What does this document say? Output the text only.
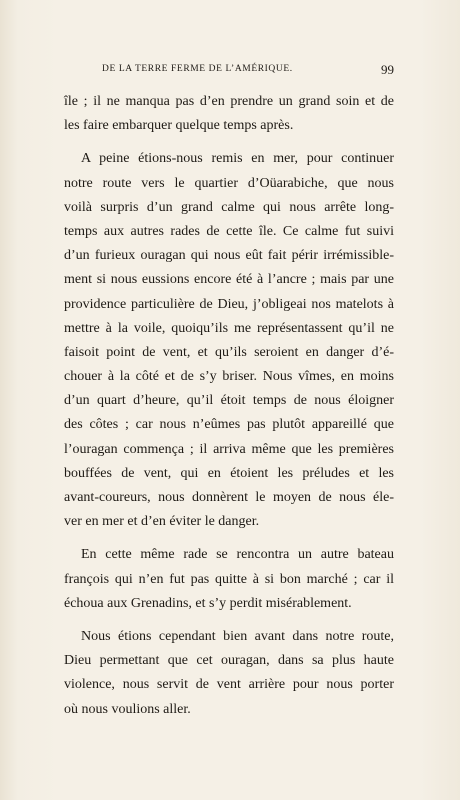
DE LA TERRE FERME DE L’AMÉRIQUE.	99
île ; il ne manqua pas d’en prendre un grand soin et de
les faire embarquer quelque temps après.
A peine étions-nous remis en mer, pour continuer
notre route vers le quartier d’Oüarabiche, que nous
voilà surpris d’un grand calme qui nous arrête long-
temps aux autres rades de cette île. Ce calme fut suivi
d’un furieux ouragan qui nous eût fait périr irrémissible-
ment si nous eussions encore été à l’ancre ; mais par une
providence particulière de Dieu, j’obligeai nos matelots à
mettre à la voile, quoiqu’ils me représentassent qu’il ne
faisoit point de vent, et qu’ils seroient en danger d’é-
chouer à la côté et de s’y briser. Nous vîmes, en moins
d’un quart d’heure, qu’il étoit temps de nous éloigner
des côtes ; car nous n’eûmes pas plutôt appareillé que
l’ouragan commença ; il arriva même que les premières
bouffées de vent, qui en étoient les préludes et les
avant-coureurs, nous donnèrent le moyen de nous éle-
ver en mer et d’en éviter le danger.
En cette même rade se rencontra un autre bateau
françois qui n’en fut pas quitte à si bon marché ; car il
échoua aux Grenadins, et s’y perdit misérablement.
Nous étions cependant bien avant dans notre route,
Dieu permettant que cet ouragan, dans sa plus haute
violence, nous servit de vent arrière pour nous porter
où nous voulions aller.
